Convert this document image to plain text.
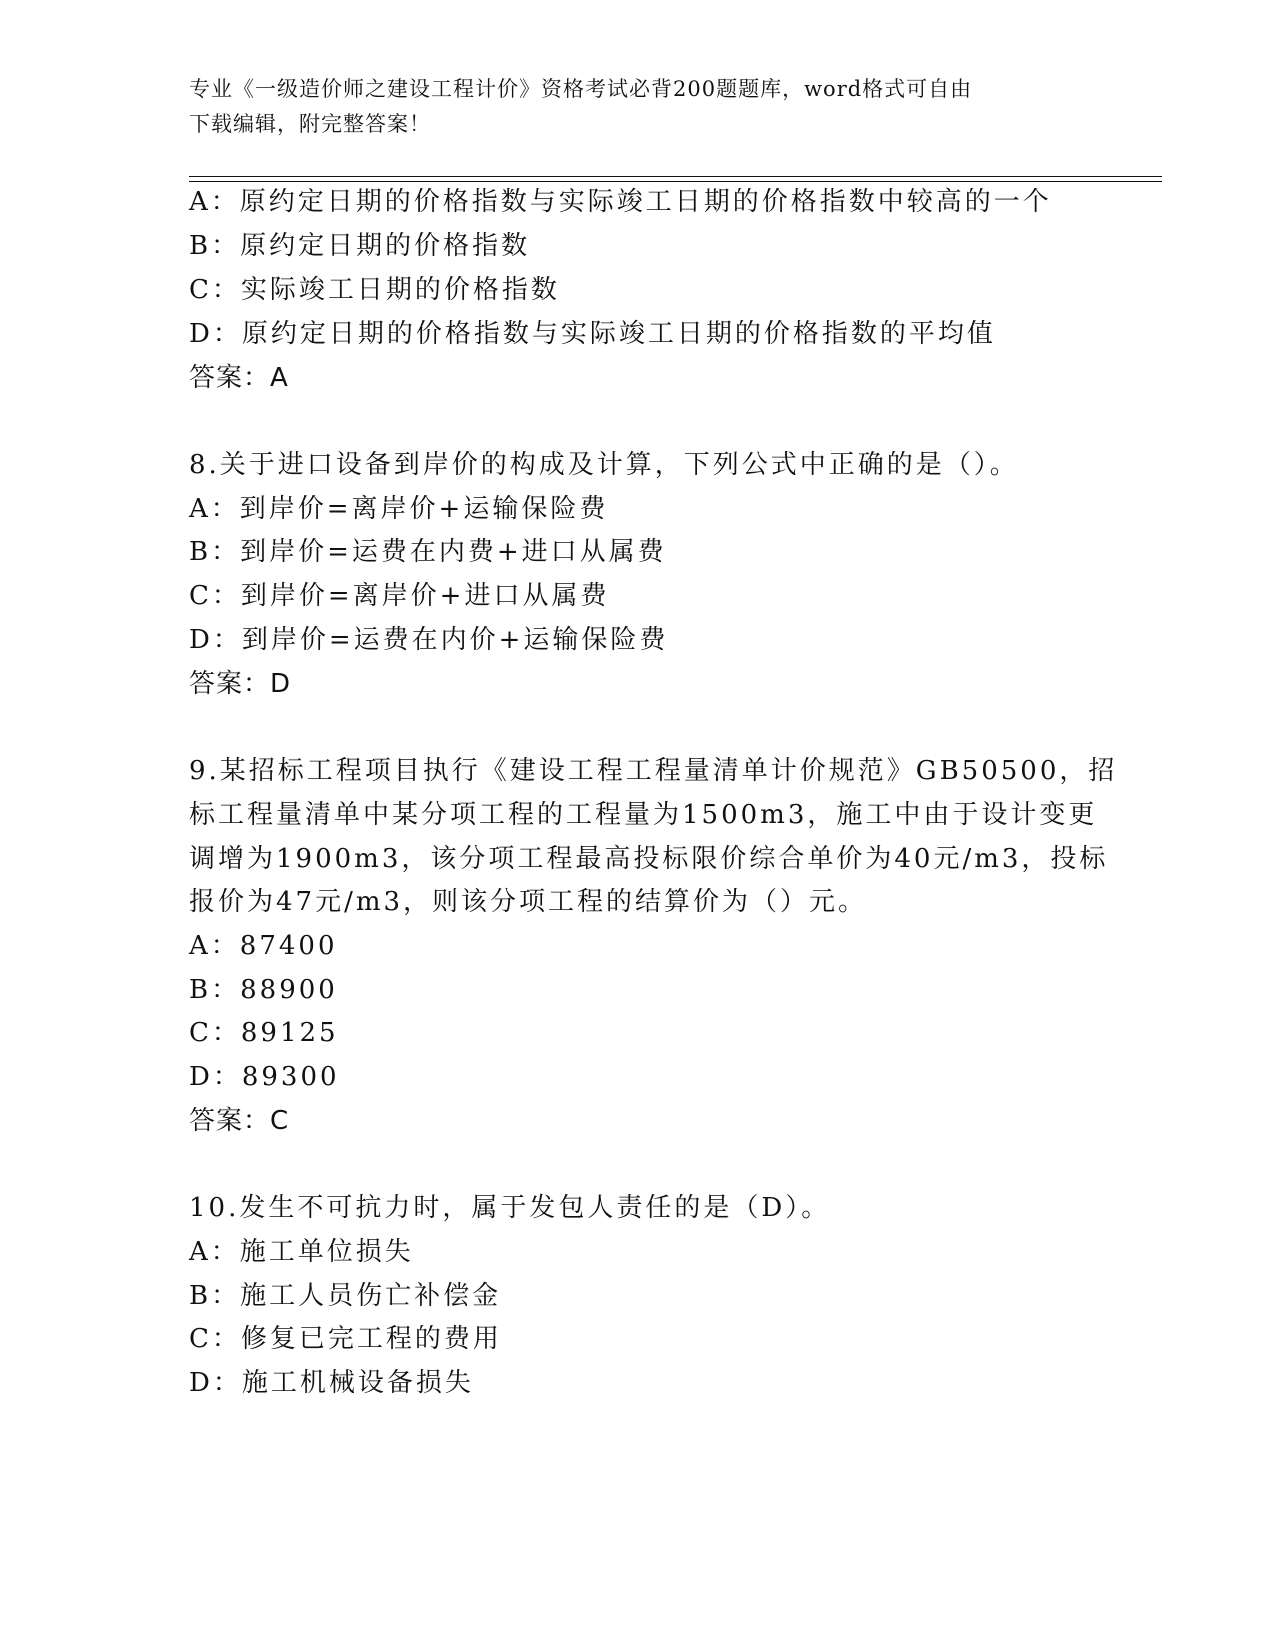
专业《一级造价师之建设工程计价》资格考试必背200题题库，word格式可自由
下载编辑，附完整答案！
A：原约定日期的价格指数与实际竣工日期的价格指数中较高的一个
B：原约定日期的价格指数
C：实际竣工日期的价格指数
D：原约定日期的价格指数与实际竣工日期的价格指数的平均值
答案：A
8.关于进口设备到岸价的构成及计算，下列公式中正确的是（）。
A：到岸价=离岸价+运输保险费
B：到岸价=运费在内费+进口从属费
C：到岸价=离岸价+进口从属费
D：到岸价=运费在内价+运输保险费
答案：D
9.某招标工程项目执行《建设工程工程量清单计价规范》GB50500，招
标工程量清单中某分项工程的工程量为1500m3，施工中由于设计变更
调增为1900m3，该分项工程最高投标限价综合单价为40元/m3，投标
报价为47元/m3，则该分项工程的结算价为（）元。
A：87400
B：88900
C：89125
D：89300
答案：C
10.发生不可抗力时，属于发包人责任的是（D）。
A：施工单位损失
B：施工人员伤亡补偿金
C：修复已完工程的费用
D：施工机械设备损失
